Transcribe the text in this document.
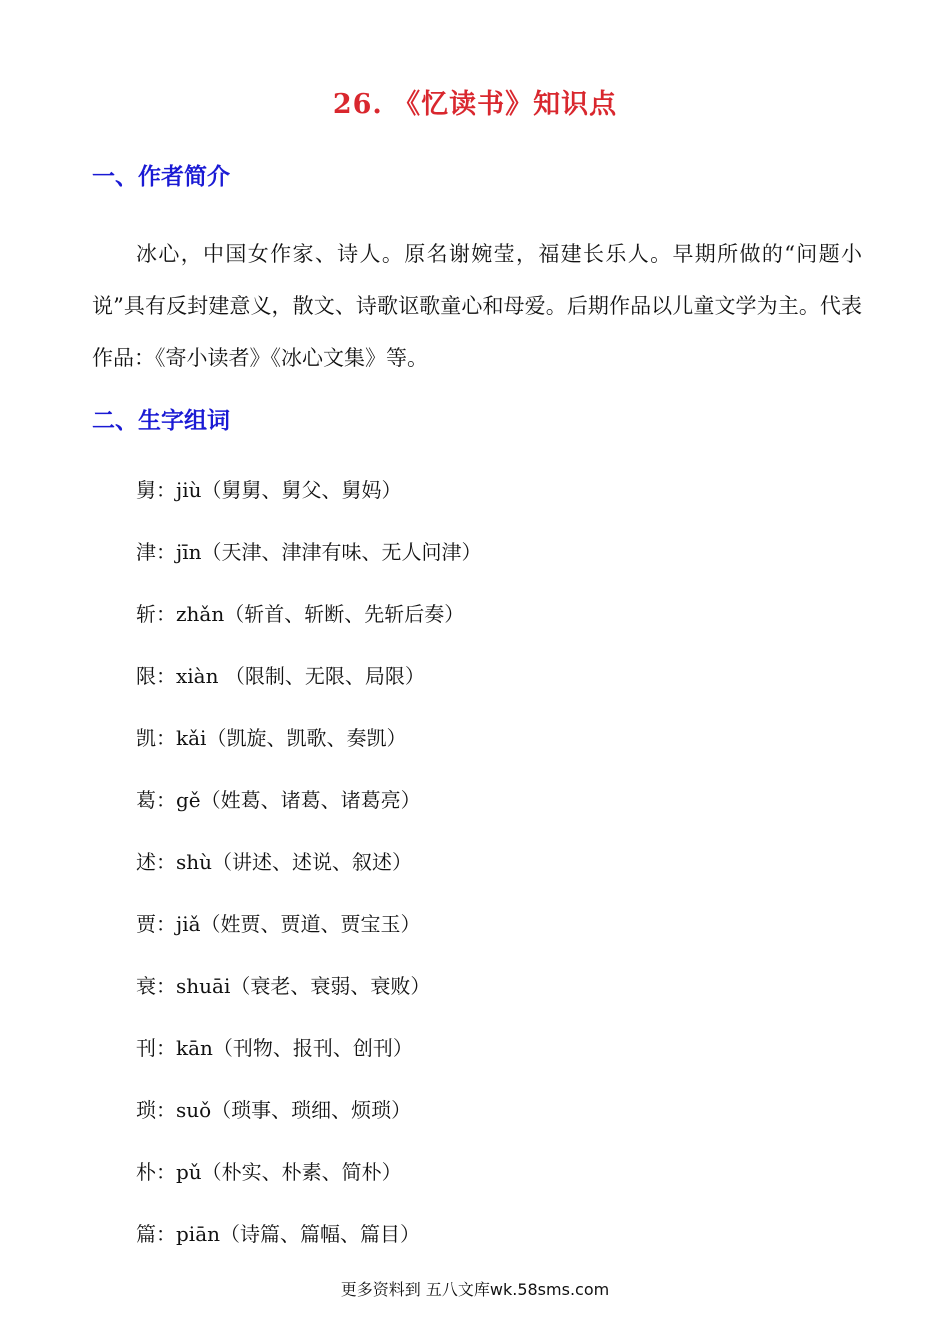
26. 《忆读书》知识点
一、作者简介

冰心，中国女作家、诗人。原名谢婉莹，福建长乐人。早期所做的“问题小说”具有反封建意义，散文、诗歌讴歌童心和母爱。后期作品以儿童文学为主。代表作品：《寄小读者》《冰心文集》等。

二、生字组词
舅：jiù（舅舅、舅父、舅妈）
津：jīn（天津、津津有味、无人问津）
斩：zhǎn（斩首、斩断、先斩后奏）
限：xiàn （限制、无限、局限）
凯：kǎi（凯旋、凯歌、奏凯）
葛：gě（姓葛、诸葛、诸葛亮）
述：shù（讲述、述说、叙述）
贾：jiǎ（姓贾、贾道、贾宝玉）
衰：shuāi（衰老、衰弱、衰败）
刊：kān（刊物、报刊、创刊）
琐：suǒ（琐事、琐细、烦琐）
朴：pǔ（朴实、朴素、简朴）
篇：piān（诗篇、篇幅、篇目）
更多资料到 五八文库wk.58sms.com
